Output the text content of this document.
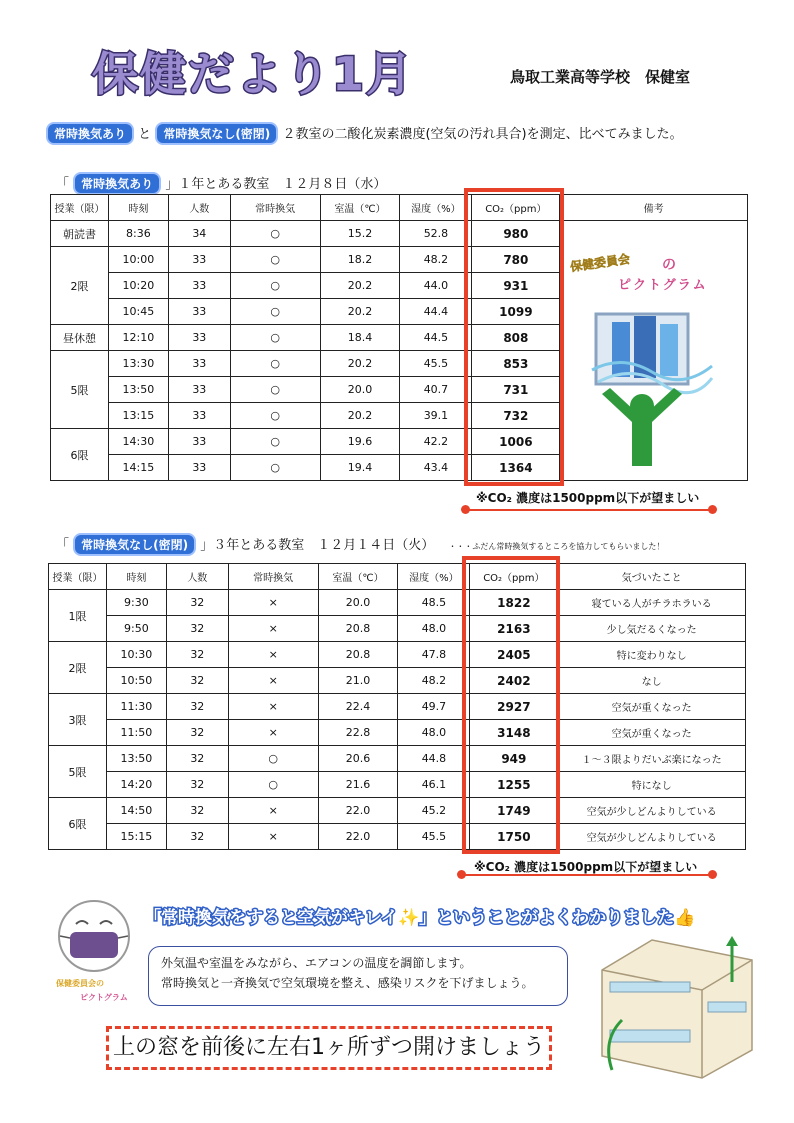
保健だより1月	鳥取工業高等学校　保健室
常時換気あり と 常時換気なし(密閉) ２教室の二酸化炭素濃度(空気の汚れ具合)を測定、比べてみました。
「 常時換気あり 」１年とある教室　１２月８日（水）
授業（限）	時刻	人数	常時換気	室温（℃）	湿度（%）	CO₂（ppm）	備考
朝読書	8:36	34	○	15.2	52.8	980	
2限	10:00	33	○	18.2	48.2	780	
	10:20	33	○	20.2	44.0	931	
	10:45	33	○	20.2	44.4	1099	
昼休憩	12:10	33	○	18.4	44.5	808	
5限	13:30	33	○	20.2	45.5	853	
	13:50	33	○	20.0	40.7	731	
	13:15	33	○	20.2	39.1	732	
6限	14:30	33	○	19.6	42.2	1006	
	14:15	33	○	19.4	43.4	1364	
保健委員会 の
ピクトグラム
※CO₂ 濃度は1500ppm以下が望ましい
「 常時換気なし(密閉) 」３年とある教室　１２月１４日（火） ・・・ふだん常時換気するところを協力してもらいました！
授業（限）	時刻	人数	常時換気	室温（℃）	湿度（%）	CO₂（ppm）	気づいたこと
1限	9:30	32	×	20.0	48.5	1822	寝ている人がチラホラいる
	9:50	32	×	20.8	48.0	2163	少し気だるくなった
2限	10:30	32	×	20.8	47.8	2405	特に変わりなし
	10:50	32	×	21.0	48.2	2402	なし
3限	11:30	32	×	22.4	49.7	2927	空気が重くなった
	11:50	32	×	22.8	48.0	3148	空気が重くなった
5限	13:50	32	○	20.6	44.8	949	１～３限よりだいぶ楽になった
	14:20	32	○	21.6	46.1	1255	特になし
6限	14:50	32	×	22.0	45.2	1749	空気が少しどんよりしている
	15:15	32	×	22.0	45.5	1750	空気が少しどんよりしている
※CO₂ 濃度は1500ppm以下が望ましい
「常時換気をすると空気がキレイ✨」ということがよくわかりました👍
保健委員会の
ピクトグラム
外気温や室温をみながら、エアコンの温度を調節します。
常時換気と一斉換気で空気環境を整え、感染リスクを下げましょう。
上の窓を前後に左右1ヶ所ずつ開けましょう
